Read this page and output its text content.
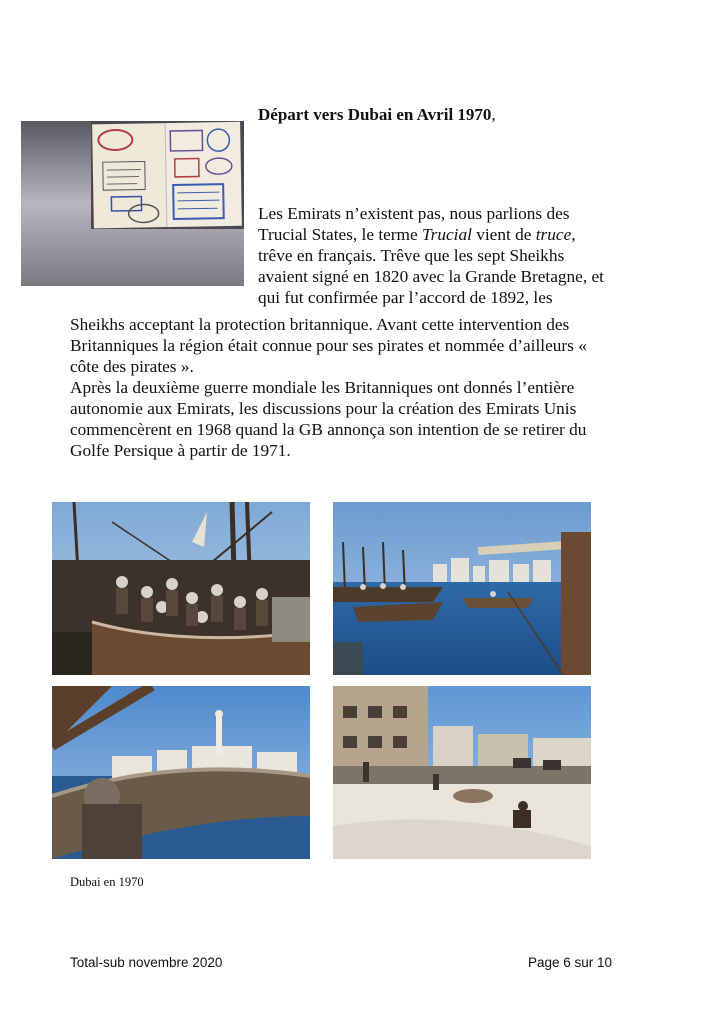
Départ vers Dubai en Avril 1970,
Les Emirats n’existent pas, nous parlions des
Trucial States, le terme Trucial vient de truce,
trêve en français. Trêve que les sept Sheikhs
avaient signé en 1820 avec la Grande Bretagne, et
qui fut confirmée par l’accord de 1892, les
Sheikhs acceptant la protection britannique. Avant cette intervention des
Britanniques la région était connue pour ses pirates et nommée d’ailleurs «
côte des pirates ».
Après la deuxième guerre mondiale les Britanniques ont donnés l’entière
autonomie aux Emirats, les discussions pour la création des Emirats Unis
commencèrent en 1968 quand la GB annonça son intention de se retirer du
Golfe Persique à partir de 1971.
Dubai en 1970
Total-sub novembre 2020	Page 6 sur 10
